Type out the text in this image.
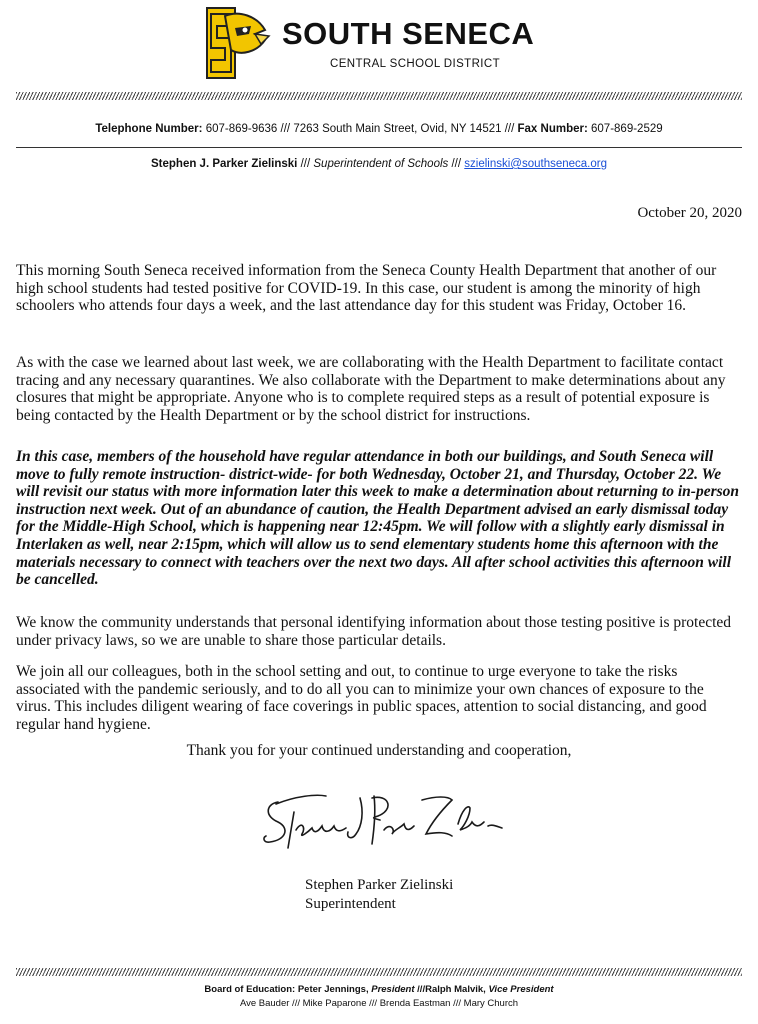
SOUTH SENECA
CENTRAL SCHOOL DISTRICT
Telephone Number: 607-869-9636 /// 7263 South Main Street, Ovid, NY 14521 /// Fax Number: 607-869-2529
Stephen J. Parker Zielinski /// Superintendent of Schools /// szielinski@southseneca.org
October 20, 2020

This morning South Seneca received information from the Seneca County Health Department that another of our high school students had tested positive for COVID-19. In this case, our student is among the minority of high schoolers who attends four days a week, and the last attendance day for this student was Friday, October 16.

As with the case we learned about last week, we are collaborating with the Health Department to facilitate contact tracing and any necessary quarantines. We also collaborate with the Department to make determinations about any closures that might be appropriate. Anyone who is to complete required steps as a result of potential exposure is being contacted by the Health Department or by the school district for instructions.

In this case, members of the household have regular attendance in both our buildings, and South Seneca will move to fully remote instruction- district-wide- for both Wednesday, October 21, and Thursday, October 22. We will revisit our status with more information later this week to make a determination about returning to in-person instruction next week. Out of an abundance of caution, the Health Department advised an early dismissal today for the Middle-High School, which is happening near 12:45pm. We will follow with a slightly early dismissal in Interlaken as well, near 2:15pm, which will allow us to send elementary students home this afternoon with the materials necessary to connect with teachers over the next two days. All after school activities this afternoon will be cancelled.

We know the community understands that personal identifying information about those testing positive is protected under privacy laws, so we are unable to share those particular details.

We join all our colleagues, both in the school setting and out, to continue to urge everyone to take the risks associated with the pandemic seriously, and to do all you can to minimize your own chances of exposure to the virus. This includes diligent wearing of face coverings in public spaces, attention to social distancing, and good regular hand hygiene.

Thank you for your continued understanding and cooperation,
Stephen Parker Zielinski
Superintendent
Board of Education: Peter Jennings, President ///Ralph Malvik, Vice President
Ave Bauder /// Mike Paparone /// Brenda Eastman /// Mary Church
